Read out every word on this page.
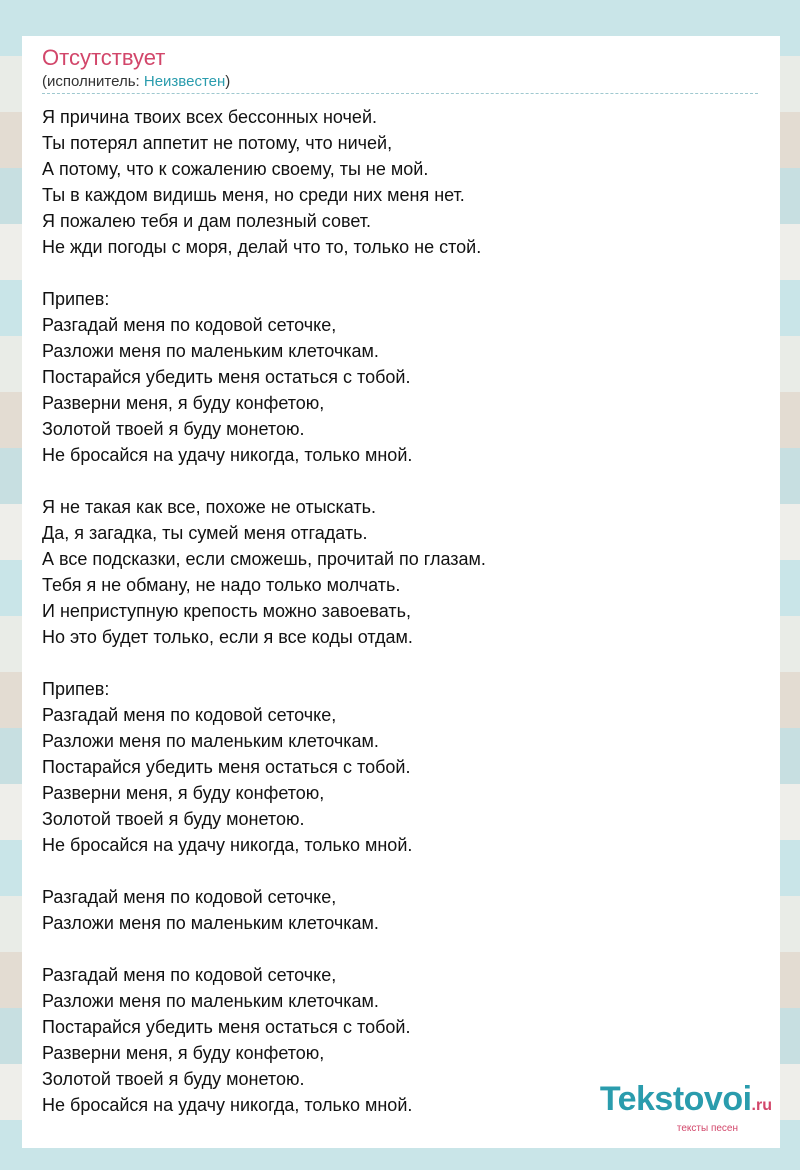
Отсутствует
(исполнитель: Неизвестен)
Я причина твоих всех бессонных ночей.
Ты потерял аппетит не потому, что ничей,
А потому, что к сожалению своему, ты не мой.
Ты в каждом видишь меня, но среди них меня нет.
Я пожалею тебя и дам полезный совет.
Не жди погоды с моря, делай что то, только не стой.
Припев:
Разгадай меня по кодовой сеточке,
Разложи меня по маленьким клеточкам.
Постарайся убедить меня остаться с тобой.
Разверни меня, я буду конфетою,
Золотой твоей я буду монетою.
Не бросайся на удачу никогда, только мной.
Я не такая как все, похоже не отыскать.
Да, я загадка, ты сумей меня отгадать.
А все подсказки, если сможешь, прочитай по глазам.
Тебя я не обману, не надо только молчать.
И неприступную крепость можно завоевать,
Но это будет только, если я все коды отдам.
Припев:
Разгадай меня по кодовой сеточке,
Разложи меня по маленьким клеточкам.
Постарайся убедить меня остаться с тобой.
Разверни меня, я буду конфетою,
Золотой твоей я буду монетою.
Не бросайся на удачу никогда, только мной.
Разгадай меня по кодовой сеточке,
Разложи меня по маленьким клеточкам.
Разгадай меня по кодовой сеточке,
Разложи меня по маленьким клеточкам.
Постарайся убедить меня остаться с тобой.
Разверни меня, я буду конфетою,
Золотой твоей я буду монетою.
Не бросайся на удачу никогда, только мной.	Tekstovoi.ru
тексты песен
